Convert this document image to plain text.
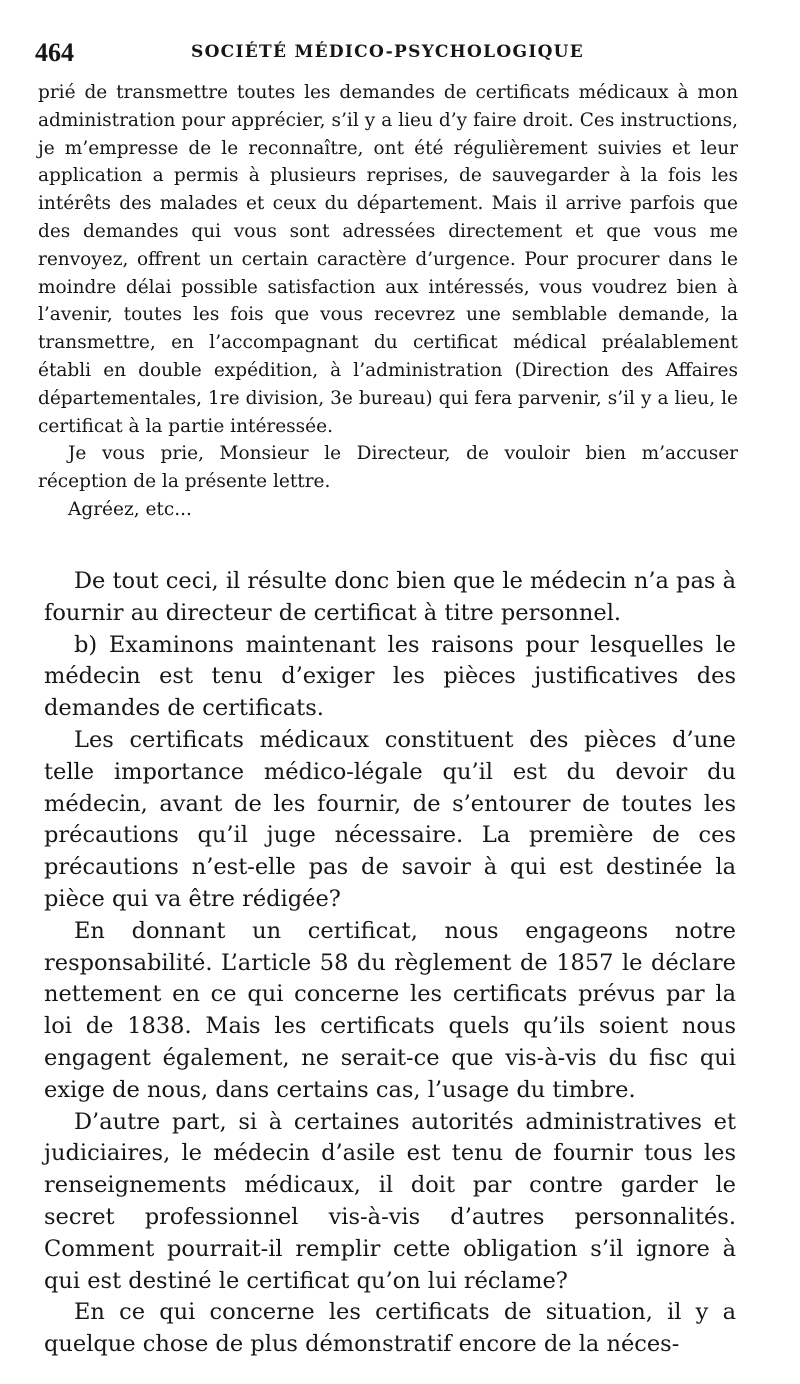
464	SOCIÉTÉ MÉDICO-PSYCHOLOGIQUE

prié de transmettre toutes les demandes de certificats médicaux à mon administration pour apprécier, s’il y a lieu d’y faire droit. Ces instructions, je m’empresse de le reconnaître, ont été régulièrement suivies et leur application a permis à plusieurs reprises, de sauvegarder à la fois les intérêts des malades et ceux du département. Mais il arrive parfois que des demandes qui vous sont adressées directement et que vous me renvoyez, offrent un certain caractère d’urgence. Pour procurer dans le moindre délai possible satisfaction aux intéressés, vous voudrez bien à l’avenir, toutes les fois que vous recevrez une semblable demande, la transmettre, en l’accompagnant du certificat médical préalablement établi en double expédition, à l’administration (Direction des Affaires départementales, 1re division, 3e bureau) qui fera parvenir, s’il y a lieu, le certificat à la partie intéressée.

Je vous prie, Monsieur le Directeur, de vouloir bien m’accuser réception de la présente lettre.

Agréez, etc...

De tout ceci, il résulte donc bien que le médecin n’a pas à fournir au directeur de certificat à titre personnel.

b) Examinons maintenant les raisons pour lesquelles le médecin est tenu d’exiger les pièces justificatives des demandes de certificats.

Les certificats médicaux constituent des pièces d’une telle importance médico-légale qu’il est du devoir du médecin, avant de les fournir, de s’entourer de toutes les précautions qu’il juge nécessaire. La première de ces précautions n’est-elle pas de savoir à qui est destinée la pièce qui va être rédigée?

En donnant un certificat, nous engageons notre responsabilité. L’article 58 du règlement de 1857 le déclare nettement en ce qui concerne les certificats prévus par la loi de 1838. Mais les certificats quels qu’ils soient nous engagent également, ne serait-ce que vis-à-vis du fisc qui exige de nous, dans certains cas, l’usage du timbre.

D’autre part, si à certaines autorités administratives et judiciaires, le médecin d’asile est tenu de fournir tous les renseignements médicaux, il doit par contre garder le secret professionnel vis-à-vis d’autres personnalités. Comment pourrait-il remplir cette obligation s’il ignore à qui est destiné le certificat qu’on lui réclame?

En ce qui concerne les certificats de situation, il y a quelque chose de plus démonstratif encore de la néces-
